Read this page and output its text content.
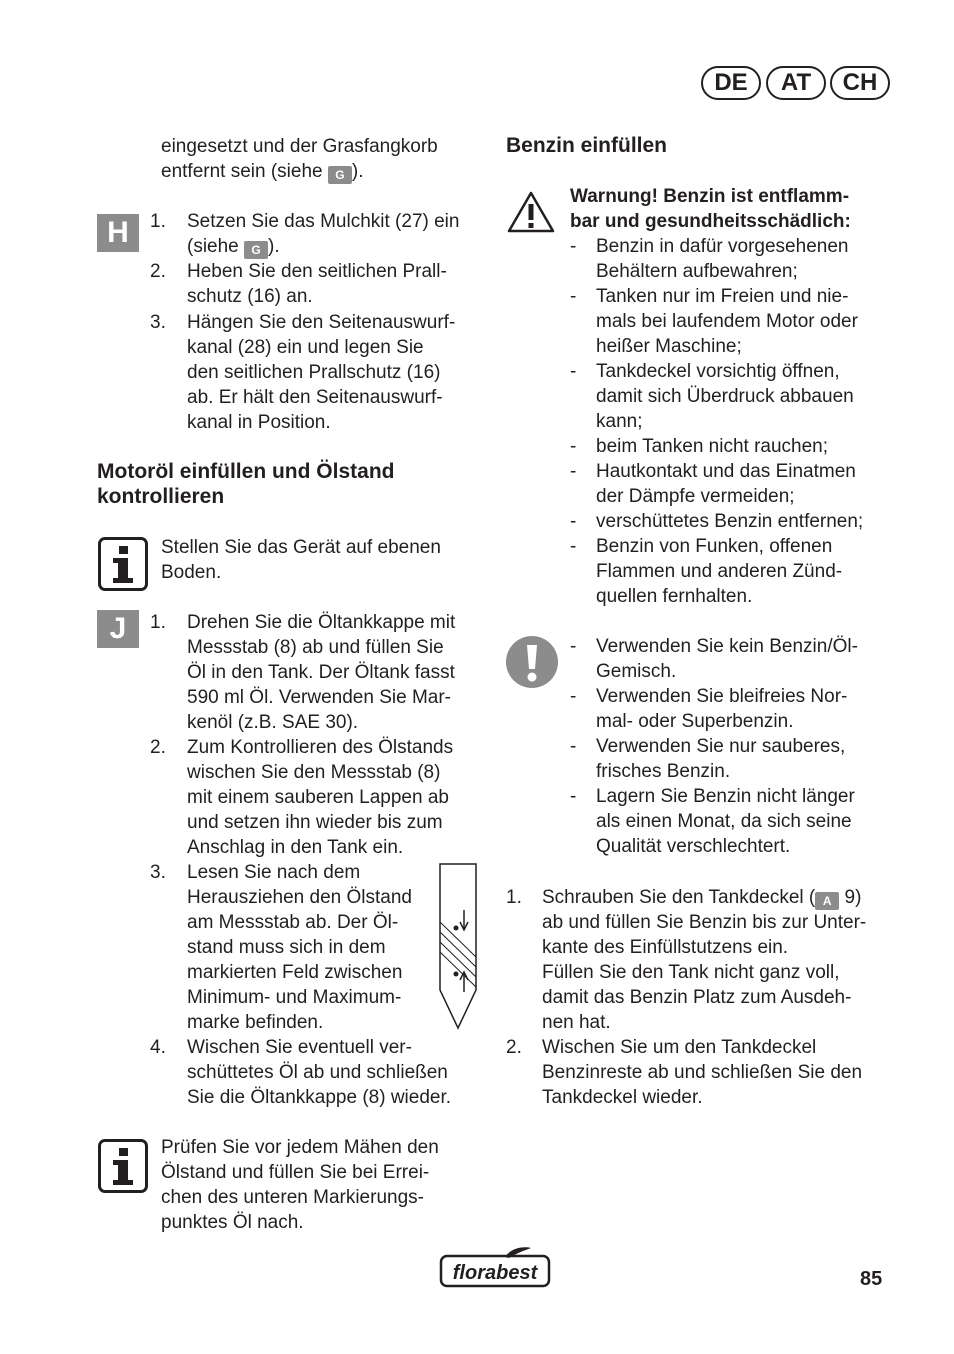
DE	AT	CH
eingesetzt und der Grasfangkorb
entfernt sein (siehe G ).
H	1. Setzen Sie das Mulchkit (27) ein
(siehe G ).
2. Heben Sie den seitlichen Prall-
schutz (16) an.
3. Hängen Sie den Seitenauswurf-
kanal (28) ein und legen Sie
den seitlichen Prallschutz (16)
ab. Er hält den Seitenauswurf-
kanal in Position.
Motoröl einfüllen und Ölstand
kontrollieren
Stellen Sie das Gerät auf ebenen
Boden.
J	1. Drehen Sie die Öltankkappe mit
Messstab (8) ab und füllen Sie
Öl in den Tank. Der Öltank fasst
590 ml Öl. Verwenden Sie Mar-
kenöl (z.B. SAE 30).
2. Zum Kontrollieren des Ölstands
wischen Sie den Messstab (8)
mit einem sauberen Lappen ab
und setzen ihn wieder bis zum
Anschlag in den Tank ein.
3. Lesen Sie nach dem
Herausziehen den Ölstand
am Messstab ab. Der Öl-
stand muss sich in dem
markierten Feld zwischen
Minimum- und Maximum-
marke befinden.
4. Wischen Sie eventuell ver-
schüttetes Öl ab und schließen
Sie die Öltankkappe (8) wieder.
Prüfen Sie vor jedem Mähen den
Ölstand und füllen Sie bei Errei-
chen des unteren Markierungs-
punktes Öl nach.
Benzin einfüllen
Warnung! Benzin ist entflamm-
bar und gesundheitsschädlich:
- Benzin in dafür vorgesehenen
Behältern aufbewahren;
- Tanken nur im Freien und nie-
mals bei laufendem Motor oder
heißer Maschine;
- Tankdeckel vorsichtig öffnen,
damit sich Überdruck abbauen
kann;
- beim Tanken nicht rauchen;
- Hautkontakt und das Einatmen
der Dämpfe vermeiden;
- verschüttetes Benzin entfernen;
- Benzin von Funken, offenen
Flammen und anderen Zünd-
quellen fernhalten.
- Verwenden Sie kein Benzin/Öl-
Gemisch.
- Verwenden Sie bleifreies Nor-
mal- oder Superbenzin.
- Verwenden Sie nur sauberes,
frisches Benzin.
- Lagern Sie Benzin nicht länger
als einen Monat, da sich seine
Qualität verschlechtert.
1. Schrauben Sie den Tankdeckel ( A 9)
ab und füllen Sie Benzin bis zur Unter-
kante des Einfüllstutzens ein.
Füllen Sie den Tank nicht ganz voll,
damit das Benzin Platz zum Ausdeh-
nen hat.
2. Wischen Sie um den Tankdeckel
Benzinreste ab und schließen Sie den
Tankdeckel wieder.
florabest	85
